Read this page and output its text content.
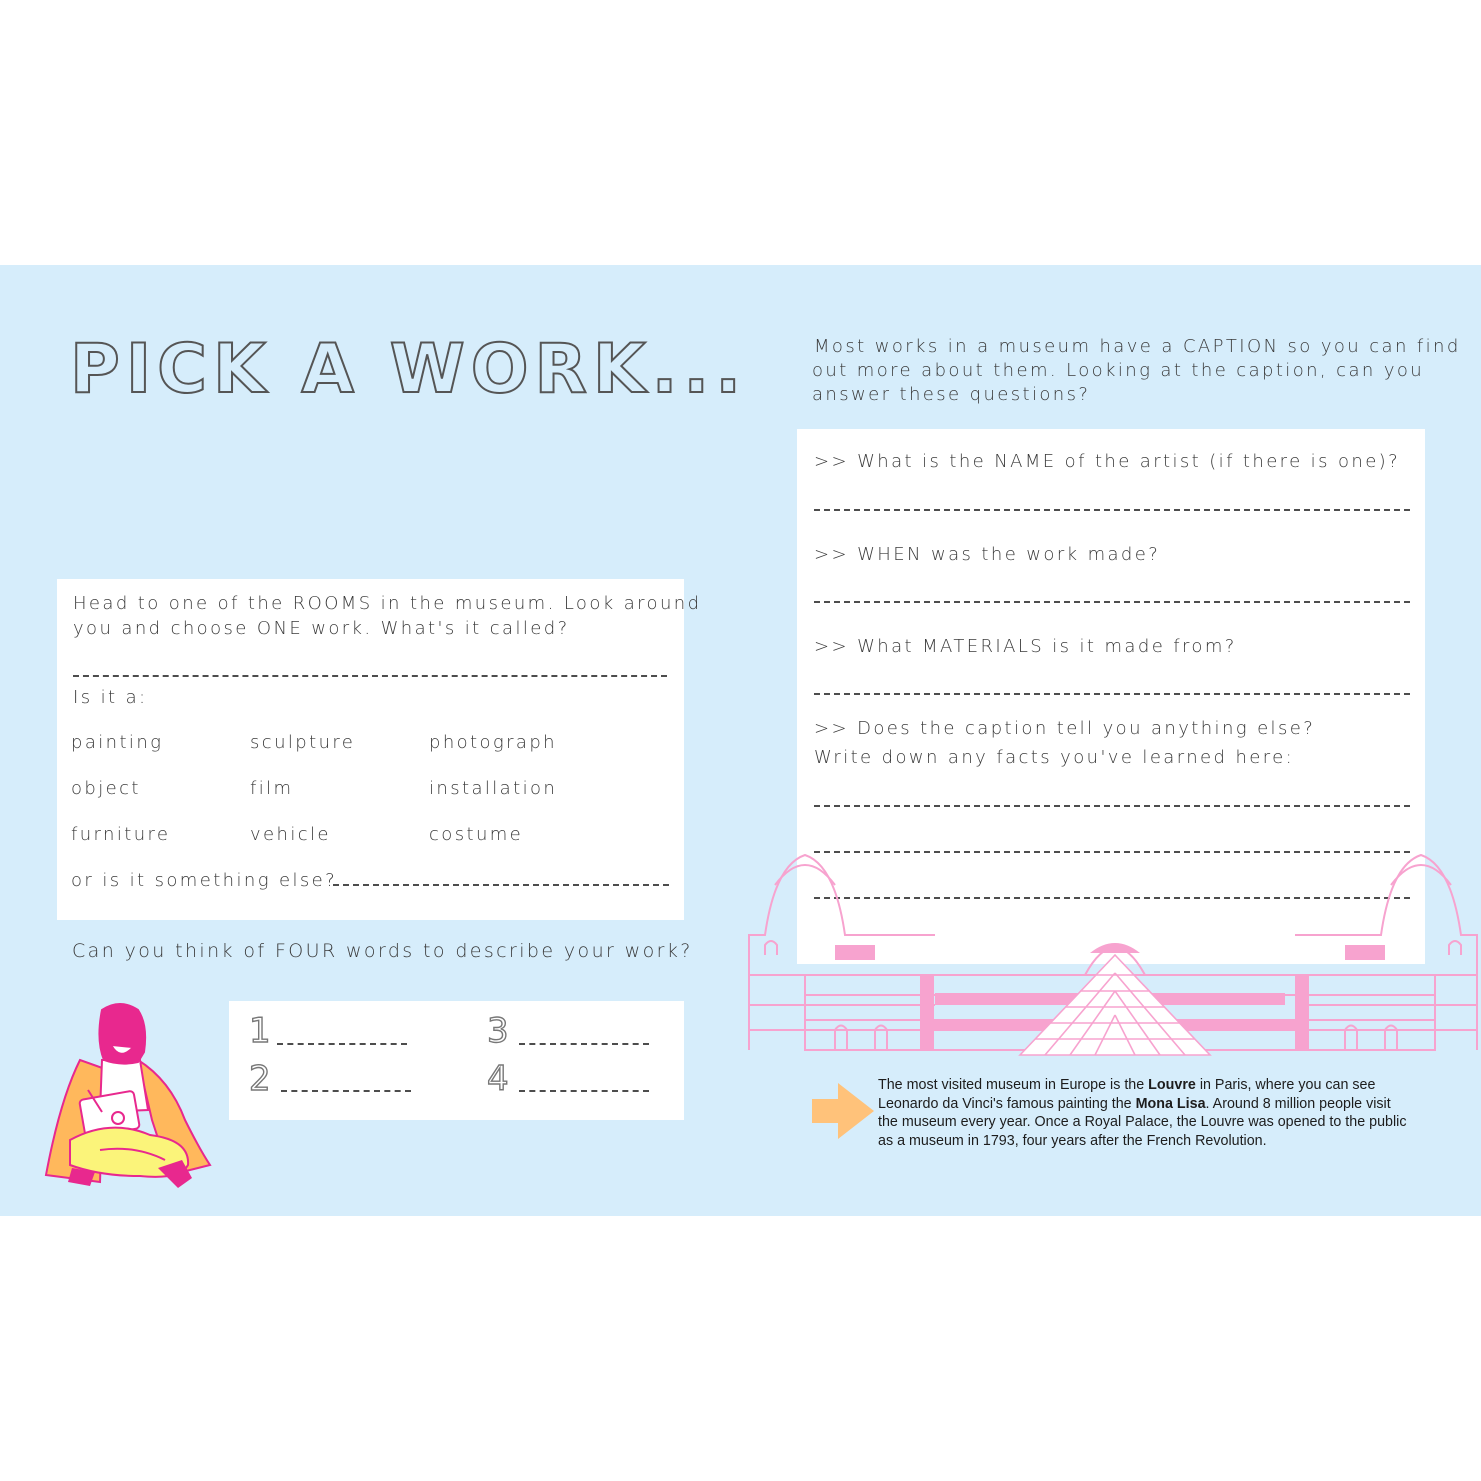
PICK A WORK...

Head to one of the ROOMS in the museum. Look around

you and choose ONE work. What's it called?

Is it a:

painting	sculpture	photograph
object	film	installation
furniture	vehicle	costume
or is it something else?

Can you think of FOUR words to describe your work?

1
2
3
4

Most works in a museum have a CAPTION so you can find

out more about them. Looking at the caption, can you

answer these questions?

>> What is the NAME of the artist (if there is one)?

>> WHEN was the work made?

>> What MATERIALS is it made from?

>> Does the caption tell you anything else?

Write down any facts you've learned here:

The most visited museum in Europe is the Louvre in Paris, where you can see Leonardo da Vinci's famous painting the Mona Lisa. Around 8 million people visit the museum every year. Once a Royal Palace, the Louvre was opened to the public as a museum in 1793, four years after the French Revolution.
